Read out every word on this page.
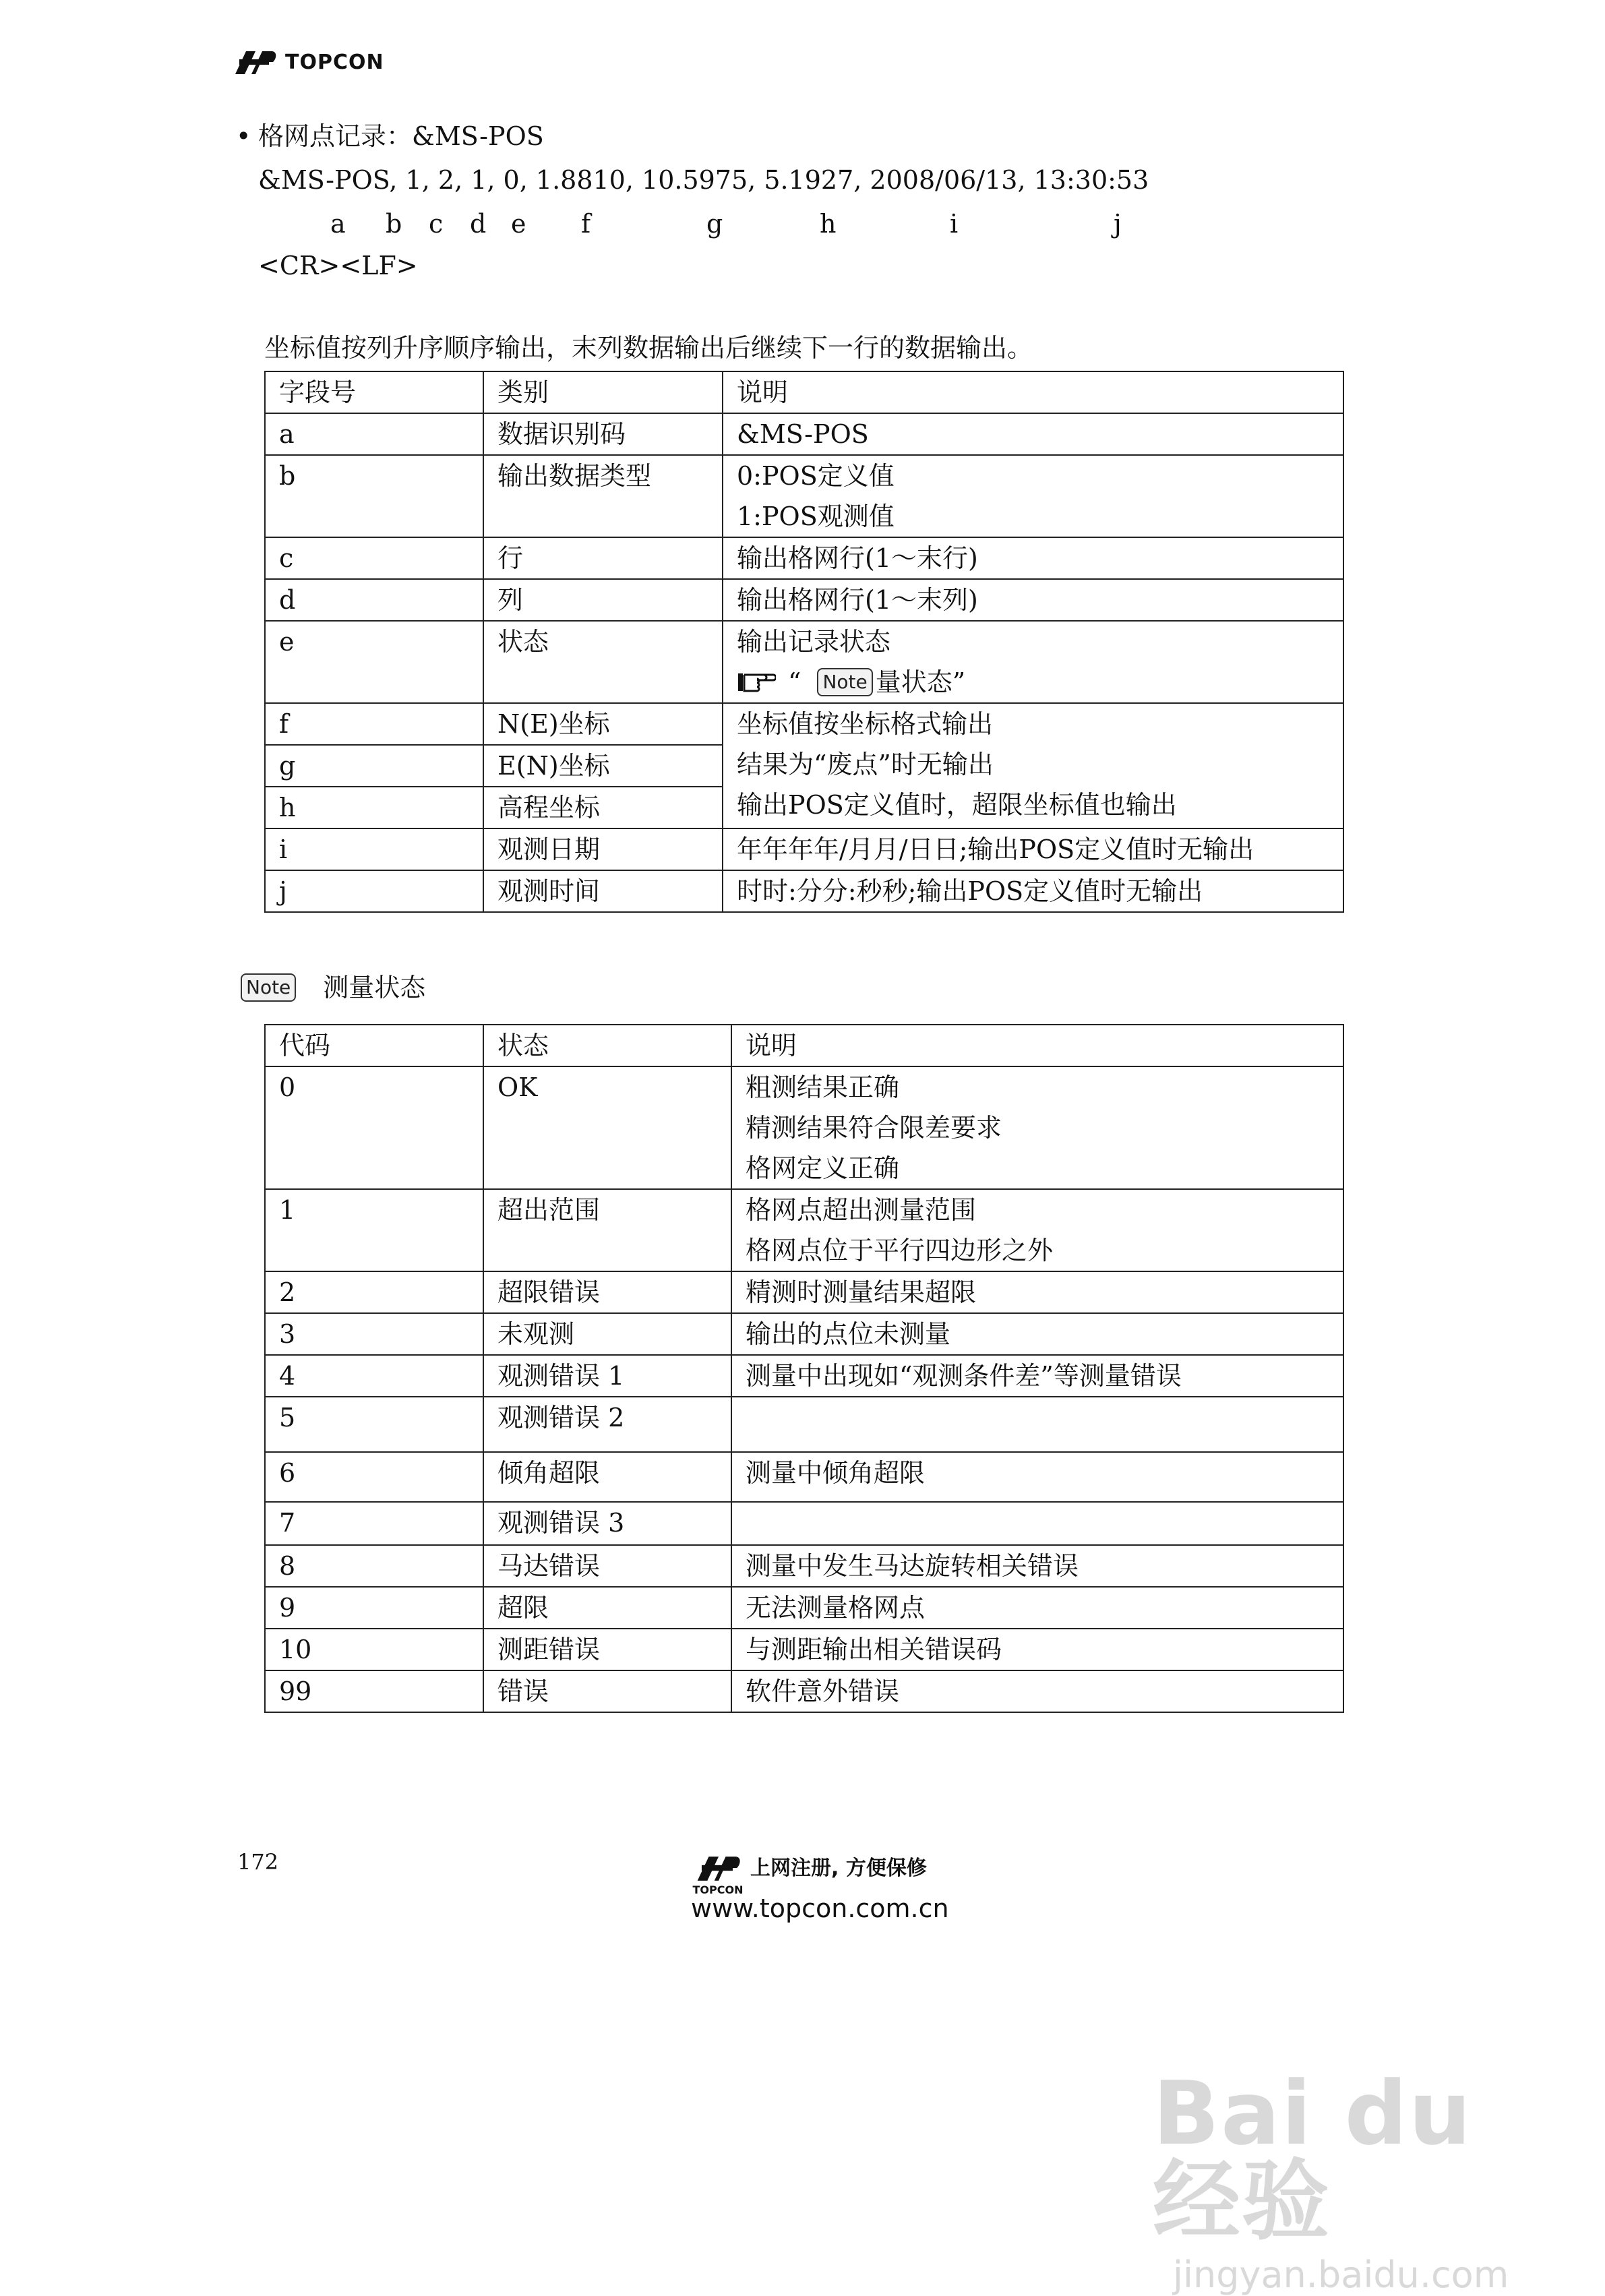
TOPCON
• 格网点记录：&MS-POS
&MS-POS, 1, 2, 1, 0, 1.8810, 10.5975, 5.1927, 2008/06/13, 13:30:53
a b c d e f	g	h	i	j
<CR><LF>
坐标值按列升序顺序输出，末列数据输出后继续下一行的数据输出。
字段号	类别	说明
a	数据识别码	&MS-POS
b	输出数据类型	0:POS定义值
1:POS观测值

c	行	输出格网行(1～末行)
d	列	输出格网行(1～末列)
e	状态	输出记录状态
“ Note 量状态”

f	N(E)坐标	坐标值按坐标格式输出
结果为“废点”时无输出
输出POS定义值时，超限坐标值也输出

g	E(N)坐标	
h	高程坐标	
i	观测日期	年年年年/月月/日日;输出POS定义值时无输出
j	观测时间	时时:分分:秒秒;输出POS定义值时无输出
Note 测量状态
代码	状态	说明
0	OK	粗测结果正确
精测结果符合限差要求
格网定义正确

1	超出范围	格网点超出测量范围
格网点位于平行四边形之外

2	超限错误	精测时测量结果超限
3	未观测	输出的点位未测量
4	观测错误 1	测量中出现如“观测条件差”等测量错误
5	观测错误 2	
6	倾角超限	测量中倾角超限
7	观测错误 3	
8	马达错误	测量中发生马达旋转相关错误
9	超限	无法测量格网点
10	测距错误	与测距输出相关错误码
99	错误	软件意外错误
172
TOPCON
上网注册, 方便保修
www.topcon.com.cn
Bai du 经验
jingyan.baidu.com
